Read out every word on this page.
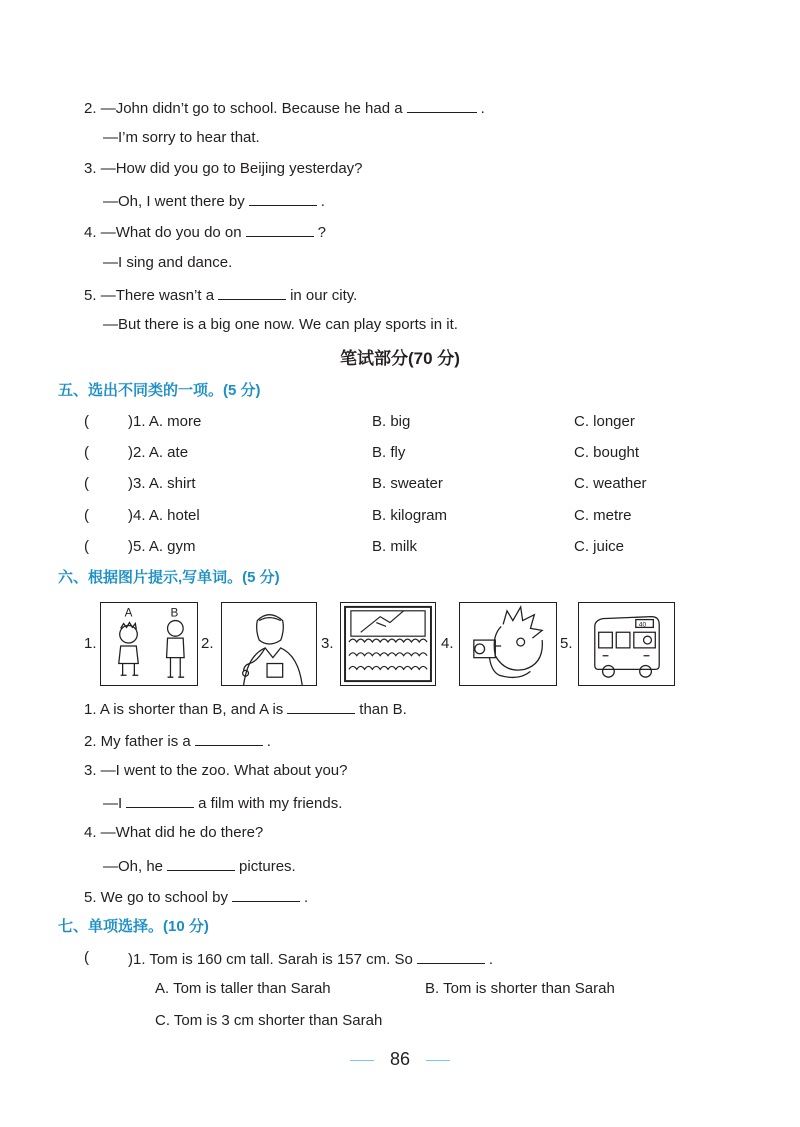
2. —John didn’t go to school. Because he had a	.
—I’m sorry to hear that.
3. —How did you go to Beijing yesterday?
—Oh, I went there by	.
4. —What do you do on	?
—I sing and dance.
5. —There wasn’t a	in our city.
—But there is a big one now. We can play sports in it.
笔试部分(70 分)
五、选出不同类的一项。(5 分)
(	)1. A. more	B. big	C. longer
(	)2. A. ate	B. fly	C. bought
(	)3. A. shirt	B. sweater	C. weather
(	)4. A. hotel	B. kilogram	C. metre
(	)5. A. gym	B. milk	C. juice
六、根据图片提示,写单词。(5 分)
1.
A	B
2.	3.	4.	5.
40
1. A is shorter than B, and A is	than B.
2. My father is a	.
3. —I went to the zoo. What about you?
—I	a film with my friends.
4. —What did he do there?
—Oh, he	pictures.
5. We go to school by	.
七、单项选择。(10 分)
(	)1. Tom is 160 cm tall. Sarah is 157 cm. So	.
A. Tom is taller than Sarah	B. Tom is shorter than Sarah
C. Tom is 3 cm shorter than Sarah
86
